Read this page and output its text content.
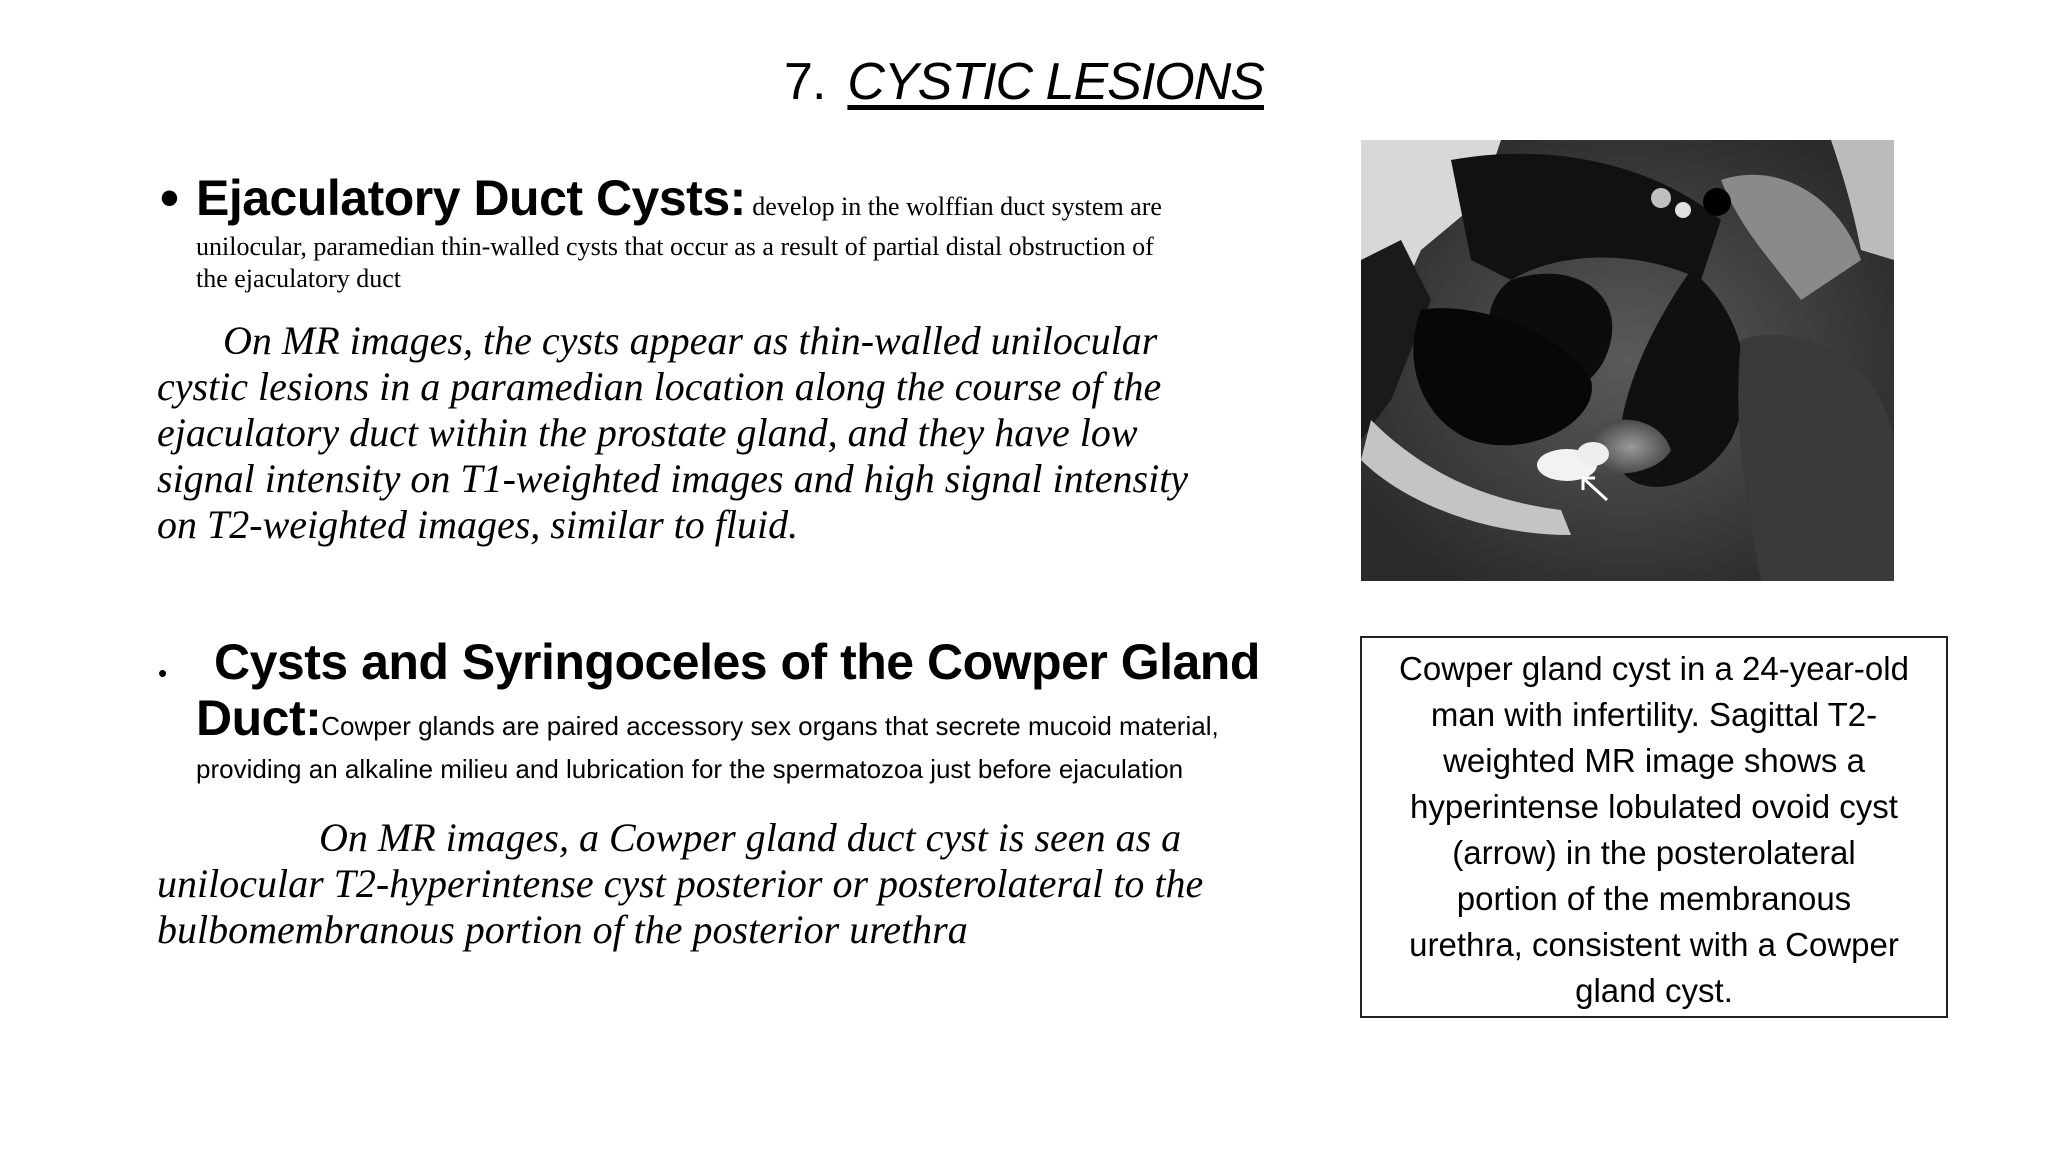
7. CYSTIC LESIONS
• Ejaculatory Duct Cysts: develop in the wolffian duct system are
unilocular, paramedian thin-walled cysts that occur as a result of partial distal obstruction of
the ejaculatory duct
On MR images, the cysts appear as thin-walled unilocular
cystic lesions in a paramedian location along the course of the
ejaculatory duct within the prostate gland, and they have low
signal intensity on T1-weighted images and high signal intensity
on T2-weighted images, similar to fluid.
• Cysts and Syringoceles of the Cowper Gland
Duct:Cowper glands are paired accessory sex organs that secrete mucoid material,
providing an alkaline milieu and lubrication for the spermatozoa just before ejaculation
On MR images, a Cowper gland duct cyst is seen as a
unilocular T2-hyperintense cyst posterior or posterolateral to the
bulbomembranous portion of the posterior urethra
Cowper gland cyst in a 24-year-old
man with infertility. Sagittal T2-
weighted MR image shows a
hyperintense lobulated ovoid cyst
(arrow) in the posterolateral
portion of the membranous
urethra, consistent with a Cowper
gland cyst.
